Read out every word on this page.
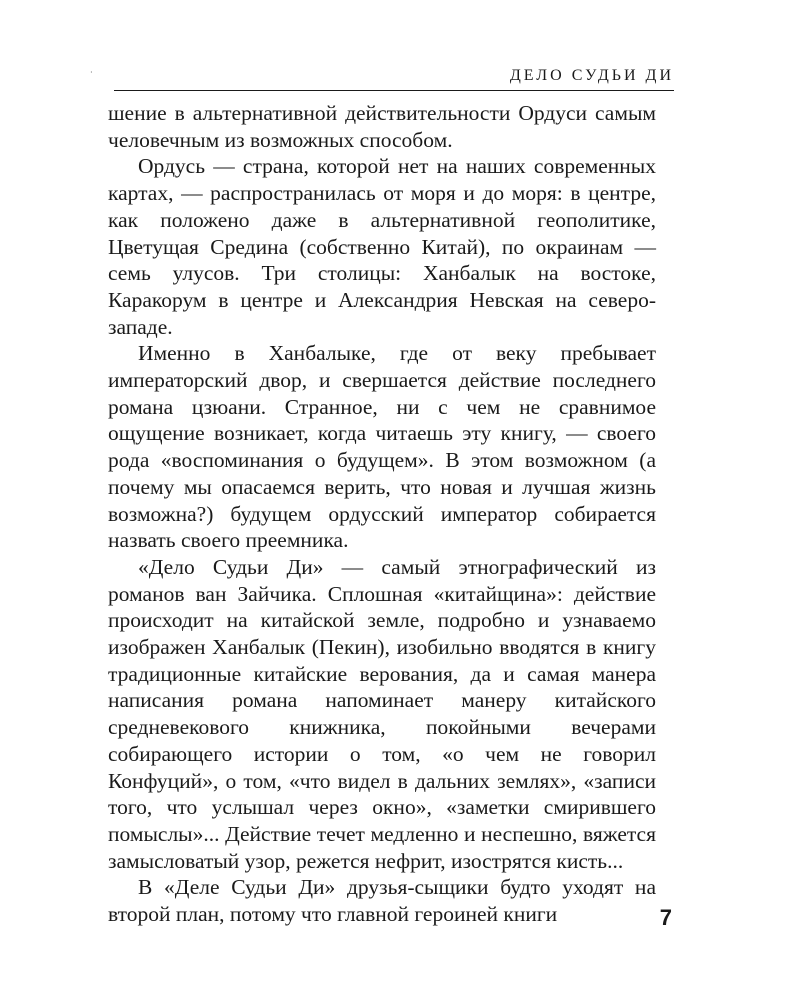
·	ДЕЛО СУДЬИ ДИ

шение в альтернативной действительности Ордуси самым человечным из возможных способом.

Ордусь — страна, которой нет на наших современных картах, — распространилась от моря и до моря: в центре, как положено даже в альтернативной геополитике, Цветущая Средина (собственно Китай), по окраинам — семь улусов. Три столицы: Ханбалык на востоке, Каракорум в центре и Александрия Невская на северо-западе.

Именно в Ханбалыке, где от веку пребывает императорский двор, и свершается действие последнего романа цзюани. Странное, ни с чем не сравнимое ощущение возникает, когда читаешь эту книгу, — своего рода «воспоминания о будущем». В этом возможном (а почему мы опасаемся верить, что новая и лучшая жизнь возможна?) будущем ордусский император собирается назвать своего преемника.

«Дело Судьи Ди» — самый этнографический из романов ван Зайчика. Сплошная «китайщина»: действие происходит на китайской земле, подробно и узнаваемо изображен Ханбалык (Пекин), изобильно вводятся в книгу традиционные китайские верования, да и самая манера написания романа напоминает манеру китайского средневекового книжника, покойными вечерами собирающего истории о том, «о чем не говорил Конфуций», о том, «что видел в дальних землях», «записи того, что услышал через окно», «заметки смирившего помыслы»... Действие течет медленно и неспешно, вяжется замысловатый узор, режется нефрит, изострятся кисть...

В «Деле Судьи Ди» друзья-сыщики будто уходят на второй план, потому что главной героиней книги	7
